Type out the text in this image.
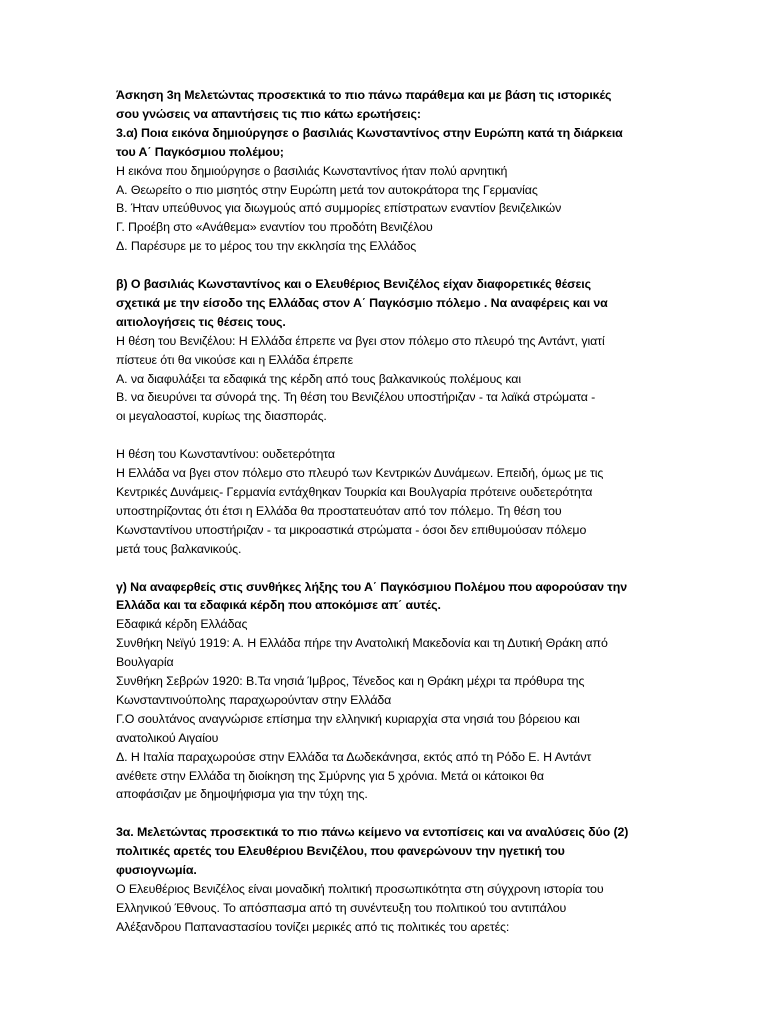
Άσκηση 3η Μελετώντας προσεκτικά το πιο πάνω παράθεμα και με βάση τις ιστορικές
σου γνώσεις να απαντήσεις τις πιο κάτω ερωτήσεις:
3.α) Ποια εικόνα δημιούργησε ο βασιλιάς Κωνσταντίνος στην Ευρώπη κατά τη διάρκεια
του Α΄ Παγκόσμιου πολέμου;
Η εικόνα που δημιούργησε ο βασιλιάς Κωνσταντίνος ήταν πολύ αρνητική
Α. Θεωρείτο ο πιο μισητός στην Ευρώπη μετά τον αυτοκράτορα της Γερμανίας
Β. Ήταν υπεύθυνος για διωγμούς από συμμορίες επίστρατων εναντίον βενιζελικών
Γ. Προέβη στο «Ανάθεμα» εναντίον του προδότη Βενιζέλου
Δ. Παρέσυρε με το μέρος του την εκκλησία της Ελλάδος
β) Ο βασιλιάς Κωνσταντίνος και ο Ελευθέριος Βενιζέλος είχαν διαφορετικές θέσεις
σχετικά με την είσοδο της Ελλάδας στον Α΄ Παγκόσμιο πόλεμο . Να αναφέρεις και να
αιτιολογήσεις τις θέσεις τους.
Η θέση του Βενιζέλου: Η Ελλάδα έπρεπε να βγει στον πόλεμο στο πλευρό της Αντάντ, γιατί
πίστευε ότι θα νικούσε και η Ελλάδα έπρεπε
Α. να διαφυλάξει τα εδαφικά της κέρδη από τους βαλκανικούς πολέμους και
Β. να διευρύνει τα σύνορά της. Τη θέση του Βενιζέλου υποστήριζαν - τα λαϊκά στρώματα -
οι μεγαλοαστοί, κυρίως της διασποράς.
Η θέση του Κωνσταντίνου: ουδετερότητα
Η Ελλάδα να βγει στον πόλεμο στο πλευρό των Κεντρικών Δυνάμεων. Επειδή, όμως με τις
Κεντρικές Δυνάμεις- Γερμανία εντάχθηκαν Τουρκία και Βουλγαρία πρότεινε ουδετερότητα
υποστηρίζοντας ότι έτσι η Ελλάδα θα προστατευόταν από τον πόλεμο. Τη θέση του
Κωνσταντίνου υποστήριζαν - τα μικροαστικά στρώματα - όσοι δεν επιθυμούσαν πόλεμο
μετά τους βαλκανικούς.
γ) Να αναφερθείς στις συνθήκες λήξης του Α΄ Παγκόσμιου Πολέμου που αφορούσαν την
Ελλάδα και τα εδαφικά κέρδη που αποκόμισε απ΄ αυτές.
Εδαφικά κέρδη Ελλάδας
Συνθήκη Νεϊγύ 1919: Α. Η Ελλάδα πήρε την Ανατολική Μακεδονία και τη Δυτική Θράκη από
Βουλγαρία
Συνθήκη Σεβρών 1920: Β.Τα νησιά Ίμβρος, Τένεδος και η Θράκη μέχρι τα πρόθυρα της
Κωνσταντινούπολης παραχωρούνταν στην Ελλάδα
Γ.Ο σουλτάνος αναγνώρισε επίσημα την ελληνική κυριαρχία στα νησιά του βόρειου και
ανατολικού Αιγαίου
Δ. Η Ιταλία παραχωρούσε στην Ελλάδα τα Δωδεκάνησα, εκτός από τη Ρόδο Ε. Η Αντάντ
ανέθετε στην Ελλάδα τη διοίκηση της Σμύρνης για 5 χρόνια. Μετά οι κάτοικοι θα
αποφάσιζαν με δημοψήφισμα για την τύχη της.
3α. Μελετώντας προσεκτικά το πιο πάνω κείμενο να εντοπίσεις και να αναλύσεις δύο (2)
πολιτικές αρετές του Ελευθέριου Βενιζέλου, που φανερώνουν την ηγετική του
φυσιογνωμία.
Ο Ελευθέριος Βενιζέλος είναι μοναδική πολιτική προσωπικότητα στη σύγχρονη ιστορία του
Ελληνικού Έθνους. Το απόσπασμα από τη συνέντευξη του πολιτικού του αντιπάλου
Αλέξανδρου Παπαναστασίου τονίζει μερικές από τις πολιτικές του αρετές:
